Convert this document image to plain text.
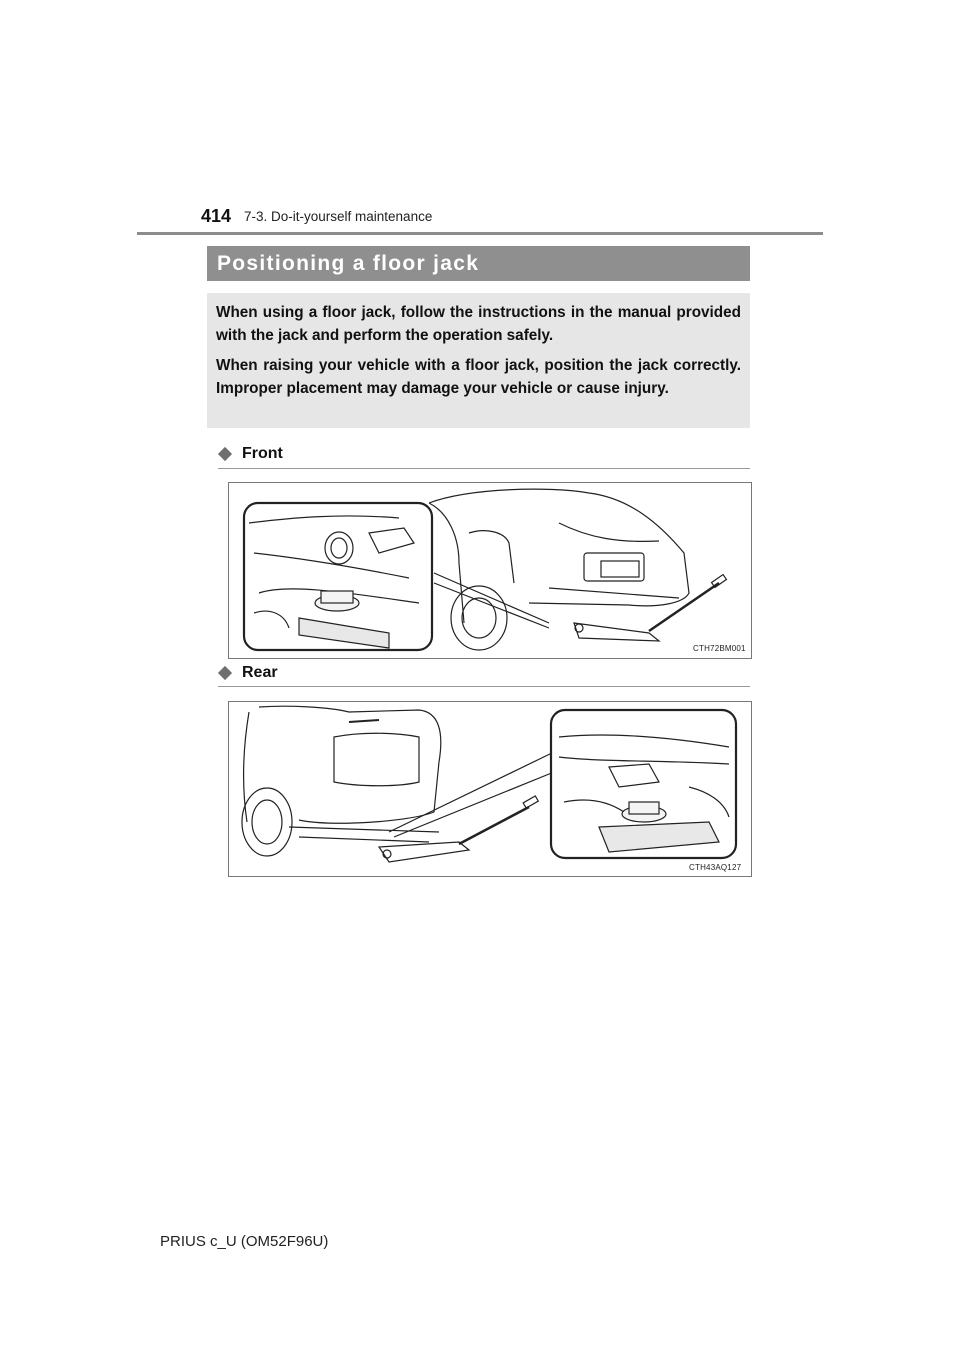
414 7-3. Do-it-yourself maintenance
Positioning a floor jack

When using a floor jack, follow the instructions in the manual provided with the jack and perform the operation safely.

When raising your vehicle with a floor jack, position the jack correctly. Improper placement may damage your vehicle or cause injury.

Front
CTH72BM001
Rear
CTH43AQ127
PRIUS c_U (OM52F96U)
